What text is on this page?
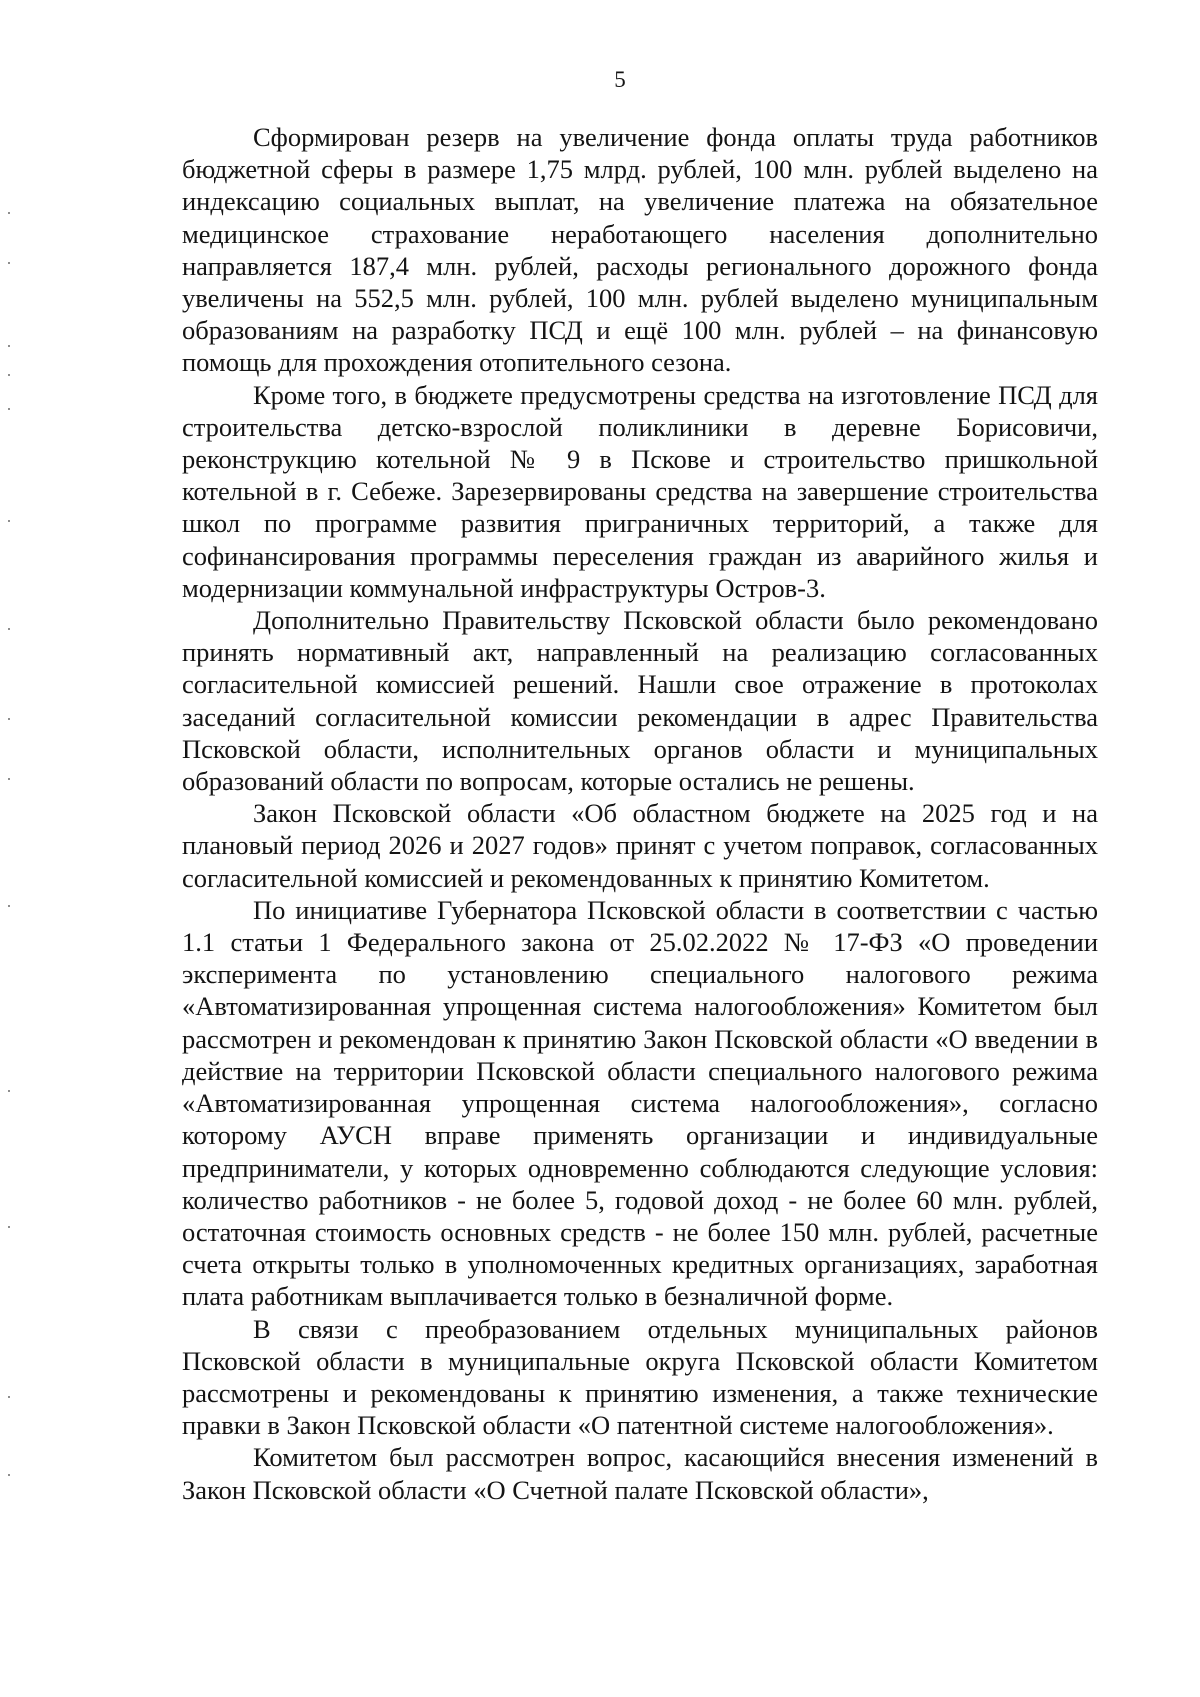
5

Сформирован резерв на увеличение фонда оплаты труда работников бюджетной сферы в размере 1,75 млрд. рублей, 100 млн. рублей выделено на индексацию социальных выплат, на увеличение платежа на обязательное медицинское страхование неработающего населения дополнительно направляется 187,4 млн. рублей, расходы регионального дорожного фонда увеличены на 552,5 млн. рублей, 100 млн. рублей выделено муниципальным образованиям на разработку ПСД и ещё 100 млн. рублей – на финансовую помощь для прохождения отопительного сезона.

Кроме того, в бюджете предусмотрены средства на изготовление ПСД для строительства детско-взрослой поликлиники в деревне Борисовичи, реконструкцию котельной № 9 в Пскове и строительство пришкольной котельной в г. Себеже. Зарезервированы средства на завершение строительства школ по программе развития приграничных территорий, а также для софинансирования программы переселения граждан из аварийного жилья и модернизации коммунальной инфраструктуры Остров-3.

Дополнительно Правительству Псковской области было рекомендовано принять нормативный акт, направленный на реализацию согласованных согласительной комиссией решений. Нашли свое отражение в протоколах заседаний согласительной комиссии рекомендации в адрес Правительства Псковской области, исполнительных органов области и муниципальных образований области по вопросам, которые остались не решены.

Закон Псковской области «Об областном бюджете на 2025 год и на плановый период 2026 и 2027 годов» принят с учетом поправок, согласованных согласительной комиссией и рекомендованных к принятию Комитетом.

По инициативе Губернатора Псковской области в соответствии с частью 1.1 статьи 1 Федерального закона от 25.02.2022 № 17-ФЗ «О проведении эксперимента по установлению специального налогового режима «Автоматизированная упрощенная система налогообложения» Комитетом был рассмотрен и рекомендован к принятию Закон Псковской области «О введении в действие на территории Псковской области специального налогового режима «Автоматизированная упрощенная система налогообложения», согласно которому АУСН вправе применять организации и индивидуальные предприниматели, у которых одновременно соблюдаются следующие условия: количество работников - не более 5, годовой доход - не более 60 млн. рублей, остаточная стоимость основных средств - не более 150 млн. рублей, расчетные счета открыты только в уполномоченных кредитных организациях, заработная плата работникам выплачивается только в безналичной форме.

В связи с преобразованием отдельных муниципальных районов Псковской области в муниципальные округа Псковской области Комитетом рассмотрены и рекомендованы к принятию изменения, а также технические правки в Закон Псковской области «О патентной системе налогообложения».

Комитетом был рассмотрен вопрос, касающийся внесения изменений в Закон Псковской области «О Счетной палате Псковской области»,
